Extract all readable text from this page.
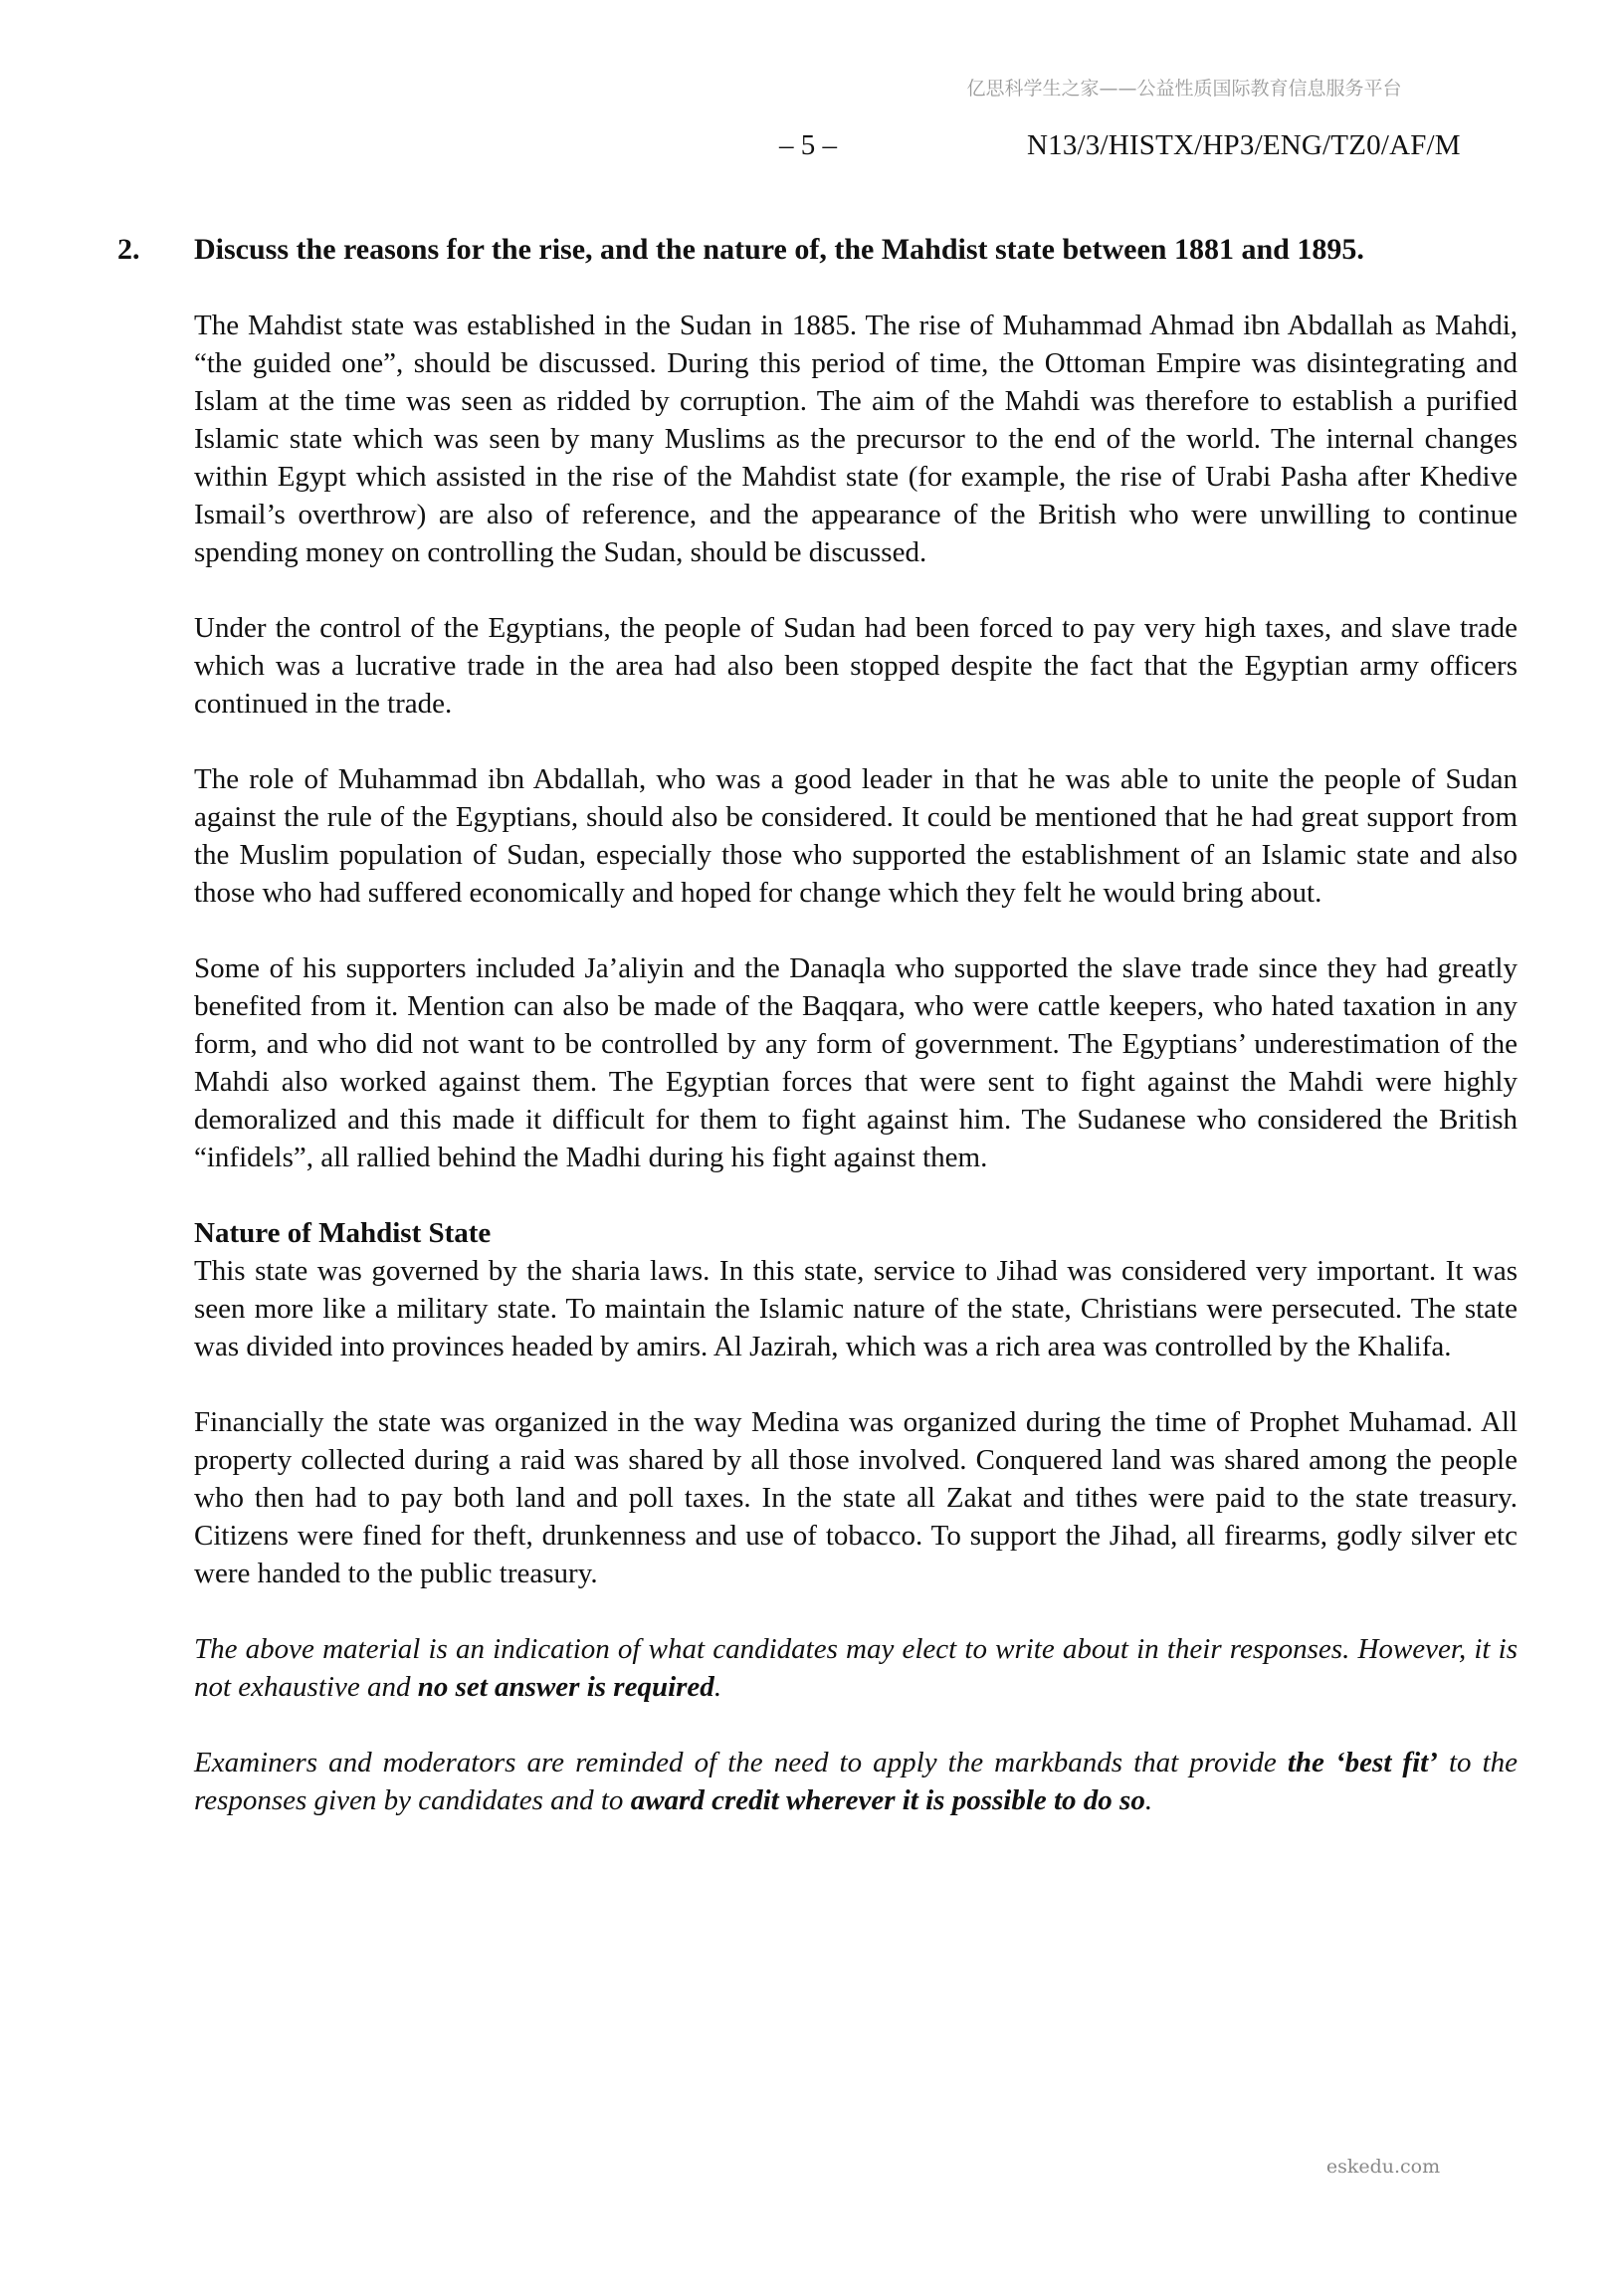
亿思科学生之家——公益性质国际教育信息服务平台
– 5 –	N13/3/HISTX/HP3/ENG/TZ0/AF/M
2. Discuss the reasons for the rise, and the nature of, the Mahdist state between 1881 and 1895.

The Mahdist state was established in the Sudan in 1885. The rise of Muhammad Ahmad ibn Abdallah as Mahdi, “the guided one”, should be discussed. During this period of time, the Ottoman Empire was disintegrating and Islam at the time was seen as ridded by corruption. The aim of the Mahdi was therefore to establish a purified Islamic state which was seen by many Muslims as the precursor to the end of the world. The internal changes within Egypt which assisted in the rise of the Mahdist state (for example, the rise of Urabi Pasha after Khedive Ismail’s overthrow) are also of reference, and the appearance of the British who were unwilling to continue spending money on controlling the Sudan, should be discussed.

Under the control of the Egyptians, the people of Sudan had been forced to pay very high taxes, and slave trade which was a lucrative trade in the area had also been stopped despite the fact that the Egyptian army officers continued in the trade.

The role of Muhammad ibn Abdallah, who was a good leader in that he was able to unite the people of Sudan against the rule of the Egyptians, should also be considered. It could be mentioned that he had great support from the Muslim population of Sudan, especially those who supported the establishment of an Islamic state and also those who had suffered economically and hoped for change which they felt he would bring about.

Some of his supporters included Ja’aliyin and the Danaqla who supported the slave trade since they had greatly benefited from it. Mention can also be made of the Baqqara, who were cattle keepers, who hated taxation in any form, and who did not want to be controlled by any form of government. The Egyptians’ underestimation of the Mahdi also worked against them. The Egyptian forces that were sent to fight against the Mahdi were highly demoralized and this made it difficult for them to fight against him. The Sudanese who considered the British “infidels”, all rallied behind the Madhi during his fight against them.

Nature of Mahdist State

This state was governed by the sharia laws. In this state, service to Jihad was considered very important. It was seen more like a military state. To maintain the Islamic nature of the state, Christians were persecuted. The state was divided into provinces headed by amirs. Al Jazirah, which was a rich area was controlled by the Khalifa.

Financially the state was organized in the way Medina was organized during the time of Prophet Muhamad. All property collected during a raid was shared by all those involved. Conquered land was shared among the people who then had to pay both land and poll taxes. In the state all Zakat and tithes were paid to the state treasury. Citizens were fined for theft, drunkenness and use of tobacco. To support the Jihad, all firearms, godly silver etc were handed to the public treasury.

The above material is an indication of what candidates may elect to write about in their responses. However, it is not exhaustive and no set answer is required.

Examiners and moderators are reminded of the need to apply the markbands that provide the ‘best fit’ to the responses given by candidates and to award credit wherever it is possible to do so.

eskedu.com
